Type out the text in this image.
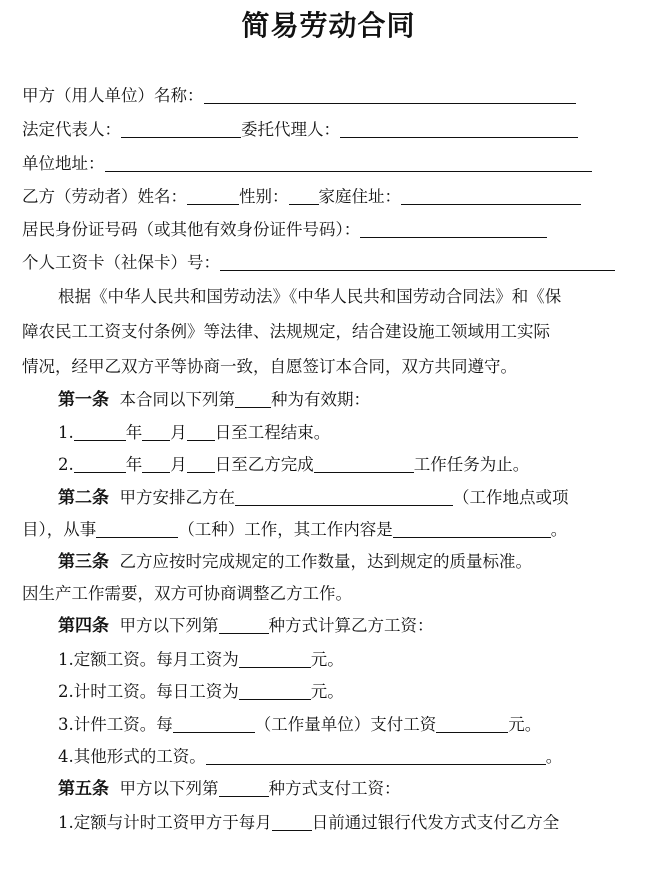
简易劳动合同
甲方（用人单位）名称：
法定代表人：	委托代理人：
单位地址：
乙方（劳动者）姓名：	性别： 家庭住址：
居民身份证号码（或其他有效身份证件号码）：
个人工资卡（社保卡）号：
根据《中华人民共和国劳动法》《中华人民共和国劳动合同法》和《保
障农民工工资支付条例》等法律、法规规定，结合建设施工领域用工实际
情况，经甲乙双方平等协商一致，自愿签订本合同，双方共同遵守。
第一条 本合同以下列第 种为有效期：
1.	年 月 日至工程结束。
2.	年 月 日至乙方完成	工作任务为止。
第二条 甲方安排乙方在	（工作地点或项
目），从事	（工种）工作，其工作内容是	。
第三条 乙方应按时完成规定的工作数量，达到规定的质量标准。
因生产工作需要，双方可协商调整乙方工作。
第四条 甲方以下列第	种方式计算乙方工资：
1.定额工资。每月工资为	元。
2.计时工资。每日工资为	元。
3.计件工资。每	（工作量单位）支付工资	元。
4.其他形式的工资。	。
第五条 甲方以下列第	种方式支付工资：
1.定额与计时工资甲方于每月 日前通过银行代发方式支付乙方全
